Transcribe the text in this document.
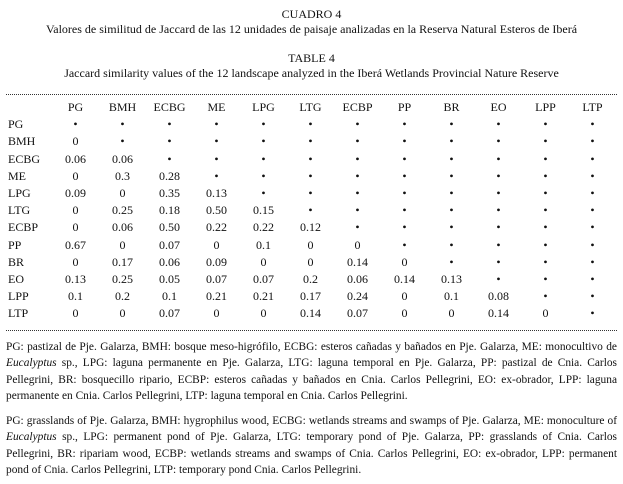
CUADRO 4
Valores de similitud de Jaccard de las 12 unidades de paisaje analizadas en la Reserva Natural Esteros de Iberá
TABLE 4
Jaccard similarity values of the 12 landscape analyzed in the Iberá Wetlands Provincial Nature Reserve
	PG	BMH	ECBG	ME	LPG	LTG	ECBP	PP	BR	EO	LPP	LTP
PG	•	•	•	•	•	•	•	•	•	•	•	•
BMH	0	•	•	•	•	•	•	•	•	•	•	•
ECBG	0.06	0.06	•	•	•	•	•	•	•	•	•	•
ME	0	0.3	0.28	•	•	•	•	•	•	•	•	•
LPG	0.09	0	0.35	0.13	•	•	•	•	•	•	•	•
LTG	0	0.25	0.18	0.50	0.15	•	•	•	•	•	•	•
ECBP	0	0.06	0.50	0.22	0.22	0.12	•	•	•	•	•	•
PP	0.67	0	0.07	0	0.1	0	0	•	•	•	•	•
BR	0	0.17	0.06	0.09	0	0	0.14	0	•	•	•	•
EO	0.13	0.25	0.05	0.07	0.07	0.2	0.06	0.14	0.13	•	•	•
LPP	0.1	0.2	0.1	0.21	0.21	0.17	0.24	0	0.1	0.08	•	•
LTP	0	0	0.07	0	0	0.14	0.07	0	0	0.14	0	•
PG: pastizal de Pje. Galarza, BMH: bosque meso-higrófilo, ECBG: esteros cañadas y bañados en Pje. Galarza, ME: monocultivo de Eucalyptus sp., LPG: laguna permanente en Pje. Galarza, LTG: laguna temporal en Pje. Galarza, PP: pastizal de Cnia. Carlos Pellegrini, BR: bosquecillo ripario, ECBP: esteros cañadas y bañados en Cnia. Carlos Pellegrini, EO: ex-obrador, LPP: laguna permanente en Cnia. Carlos Pellegrini, LTP: laguna temporal en Cnia. Carlos Pellegrini.
PG: grasslands of Pje. Galarza, BMH: hygrophilus wood, ECBG: wetlands streams and swamps of Pje. Galarza, ME: monoculture of Eucalyptus sp., LPG: permanent pond of Pje. Galarza, LTG: temporary pond of Pje. Galarza, PP: grasslands of Cnia. Carlos Pellegrini, BR: ripariam wood, ECBP: wetlands streams and swamps of Cnia. Carlos Pellegrini, EO: ex-obrador, LPP: permanent pond of Cnia. Carlos Pellegrini, LTP: temporary pond Cnia. Carlos Pellegrini.
